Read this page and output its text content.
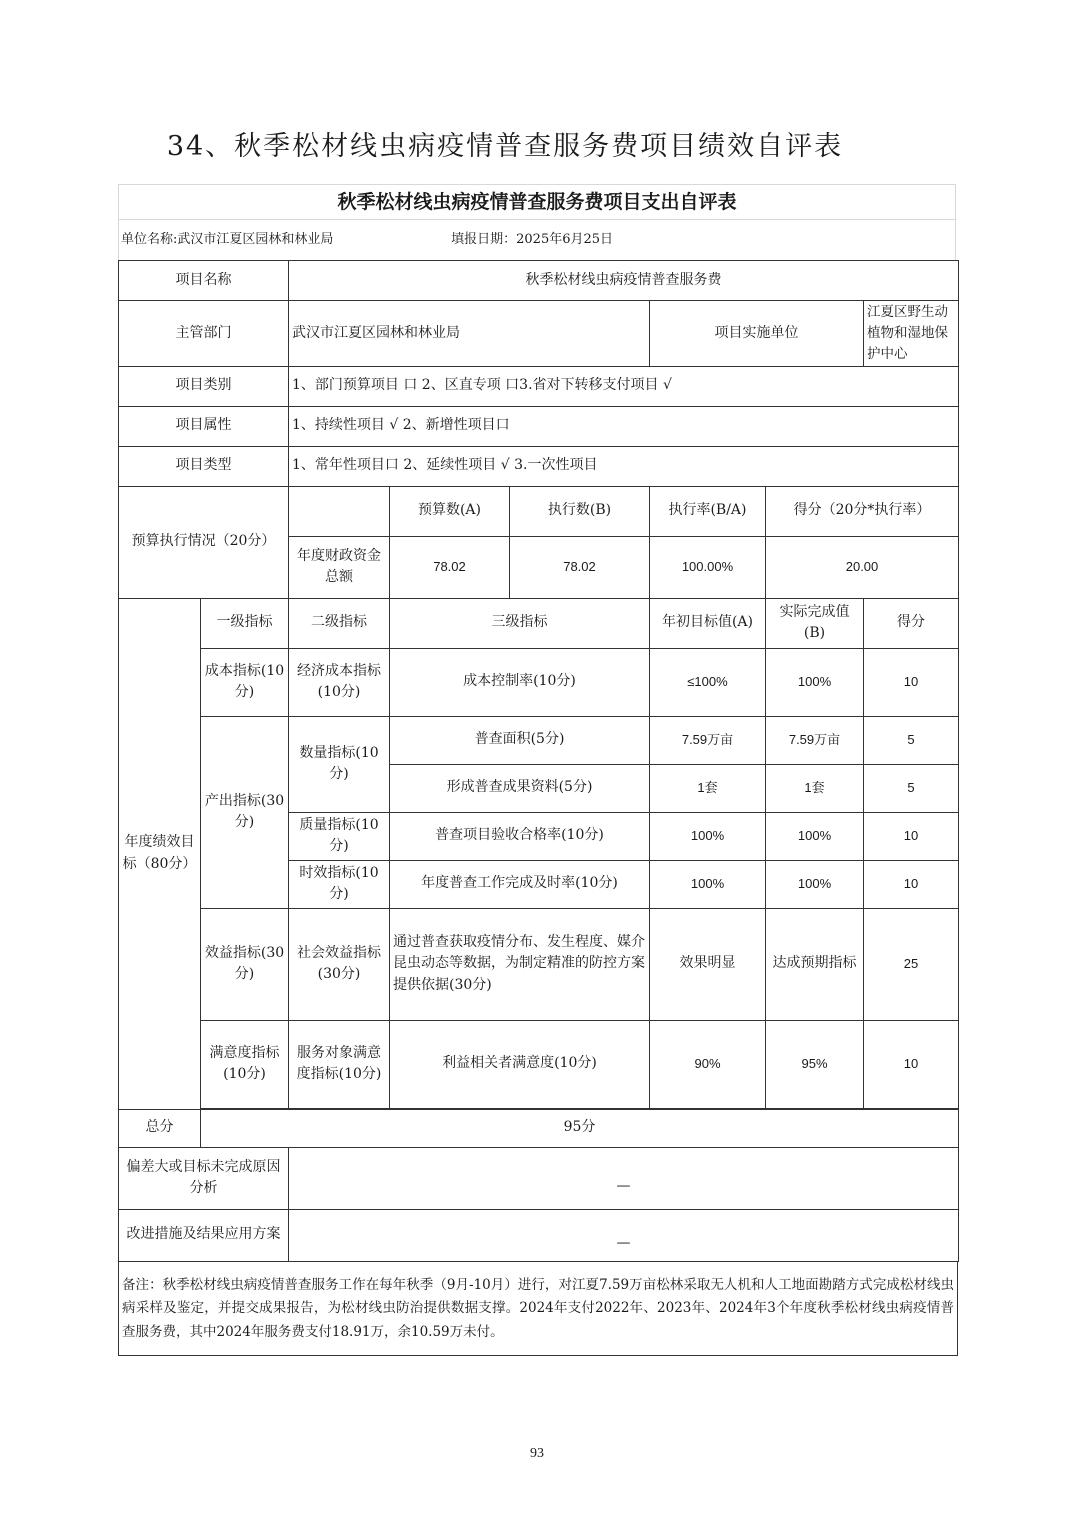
34、秋季松材线虫病疫情普查服务费项目绩效自评表
秋季松材线虫病疫情普查服务费项目支出自评表
单位名称:武汉市江夏区园林和林业局	填报日期：2025年6月25日
项目名称		秋季松材线虫病疫情普查服务费					
主管部门		武汉市江夏区园林和林业局			项目实施单位		江夏区野生动植物和湿地保护中心
项目类别		1、部门预算项目 口 2、区直专项 口3.省对下转移支付项目 √					
项目属性		1、持续性项目 √ 2、新增性项目口					
项目类型		1、常年性项目口 2、延续性项目 √ 3.一次性项目					
预算执行情况（20分）			预算数(A)	执行数(B)	执行率(B/A)	得分（20分*执行率）	
		年度财政资金总额	78.02	78.02	100.00%	20.00	
年度绩效目标（80分）	一级指标	二级指标	三级指标		年初目标值(A)	实际完成值(B)	得分
	成本指标(10分)	经济成本指标(10分)	成本控制率(10分)		≤100%	100%	10
	产出指标(30分)	数量指标(10分)	普查面积(5分)		7.59万亩	7.59万亩	5
			形成普查成果资料(5分)		1套	1套	5
		质量指标(10分)	普查项目验收合格率(10分)		100%	100%	10
		时效指标(10分)	年度普查工作完成及时率(10分)		100%	100%	10
	效益指标(30分)	社会效益指标(30分)	通过普查获取疫情分布、发生程度、媒介昆虫动态等数据，为制定精准的防控方案提供依据(30分)		效果明显	达成预期指标	25
	满意度指标(10分)	服务对象满意度指标(10分)	利益相关者满意度(10分)		90%	95%	10

总分	95分						
偏差大或目标未完成原因分析		—					
改进措施及结果应用方案		—					
备注：秋季松材线虫病疫情普查服务工作在每年秋季（9月-10月）进行，对江夏7.59万亩松林采取无人机和人工地面勘踏方式完成松材线虫病采样及鉴定，并提交成果报告，为松材线虫防治提供数据支撑。2024年支付2022年、2023年、2024年3个年度秋季松材线虫病疫情普查服务费，其中2024年服务费支付18.91万，余10.59万未付。
93
